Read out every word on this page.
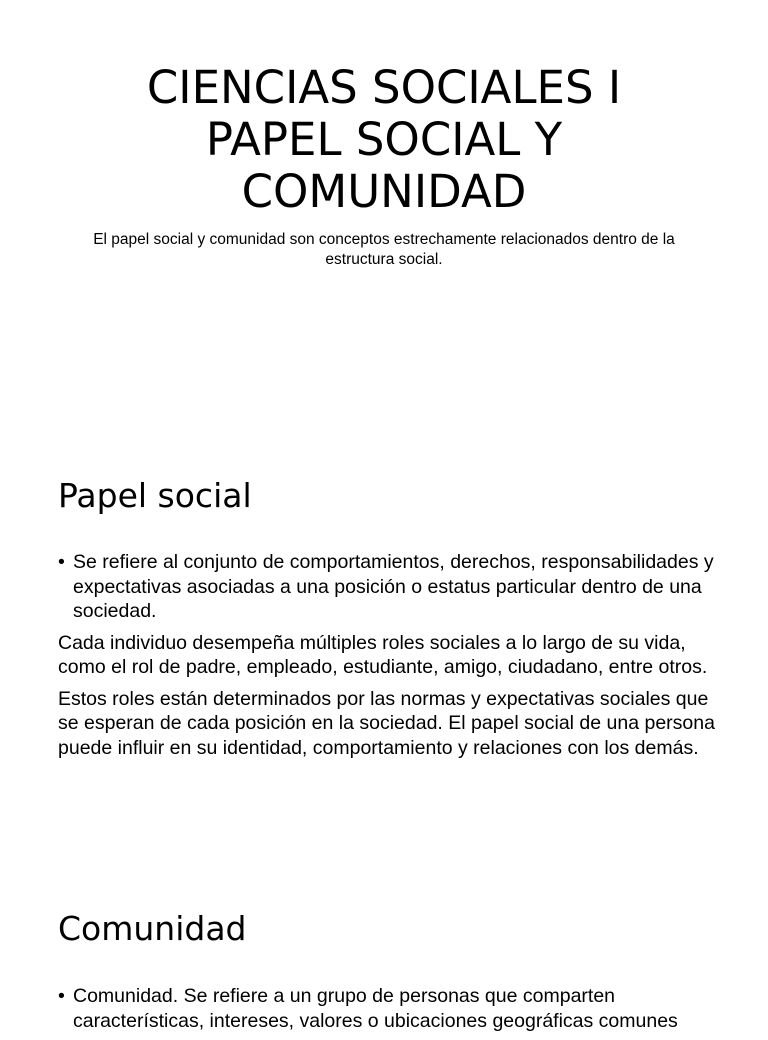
CIENCIAS SOCIALES I
PAPEL SOCIAL Y
COMUNIDAD

El papel social y comunidad son conceptos estrechamente relacionados dentro de la estructura social.

Papel social

• Se refiere al conjunto de comportamientos, derechos, responsabilidades y expectativas asociadas a una posición o estatus particular dentro de una sociedad.

Cada individuo desempeña múltiples roles sociales a lo largo de su vida, como el rol de padre, empleado, estudiante, amigo, ciudadano, entre otros.

Estos roles están determinados por las normas y expectativas sociales que se esperan de cada posición en la sociedad. El papel social de una persona puede influir en su identidad, comportamiento y relaciones con los demás.

Comunidad

• Comunidad. Se refiere a un grupo de personas que comparten características, intereses, valores o ubicaciones geográficas comunes
